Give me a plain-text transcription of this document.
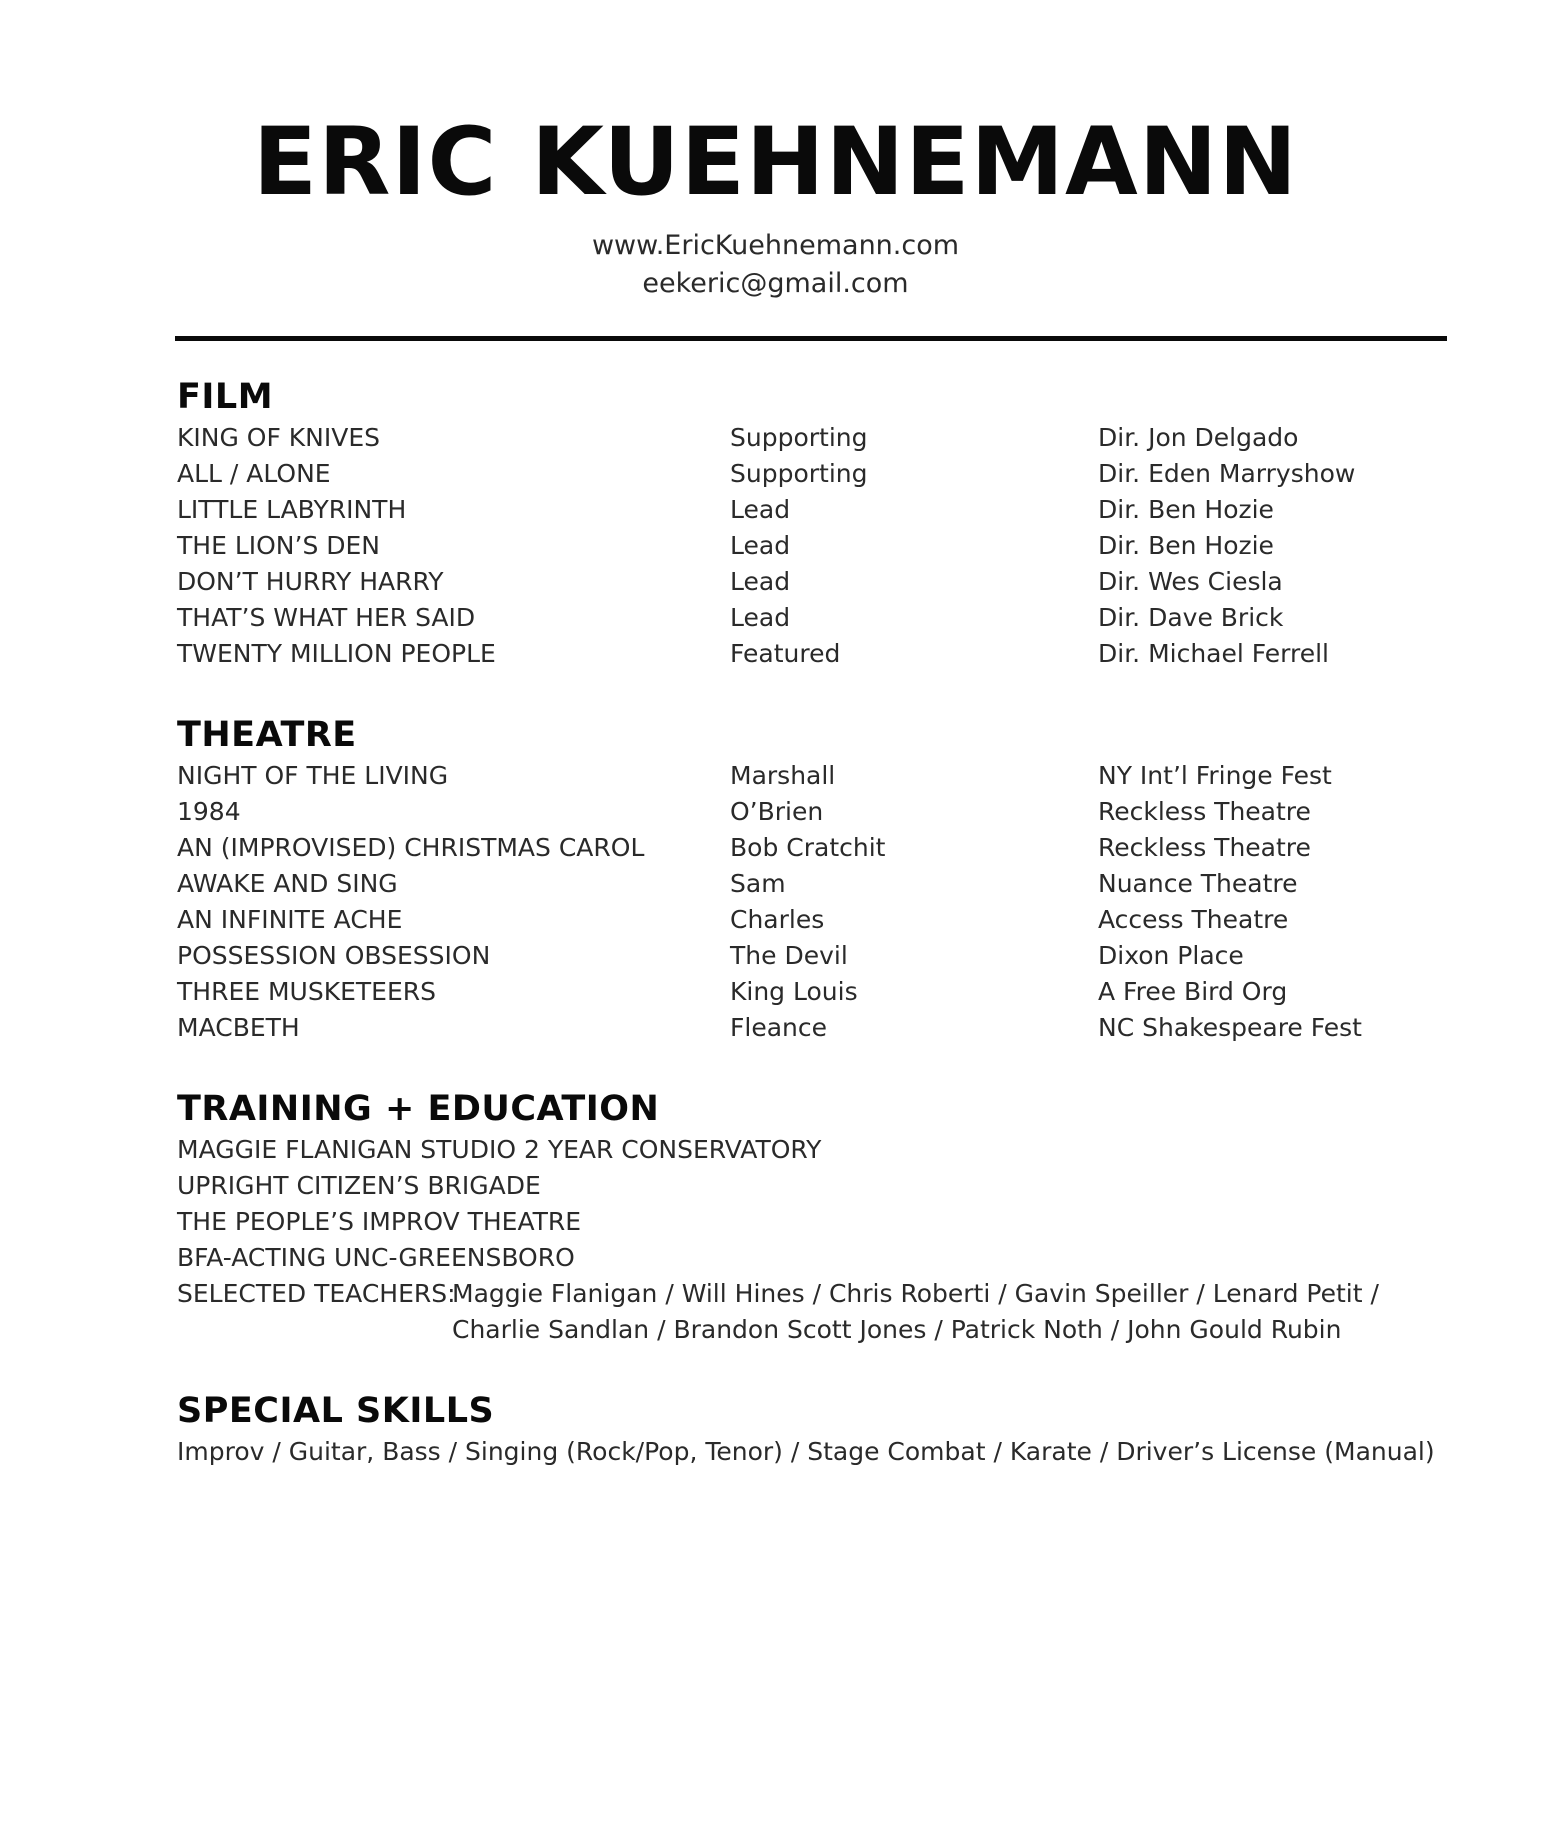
ERIC KUEHNEMANN
www.EricKuehnemann.com
eekeric@gmail.com
FILM
KING OF KNIVES	Supporting	Dir. Jon Delgado
ALL / ALONE	Supporting	Dir. Eden Marryshow
LITTLE LABYRINTH	Lead	Dir. Ben Hozie
THE LION’S DEN	Lead	Dir. Ben Hozie
DON’T HURRY HARRY	Lead	Dir. Wes Ciesla
THAT’S WHAT HER SAID	Lead	Dir. Dave Brick
TWENTY MILLION PEOPLE	Featured	Dir. Michael Ferrell
THEATRE
NIGHT OF THE LIVING	Marshall	NY Int’l Fringe Fest
1984	O’Brien	Reckless Theatre
AN (IMPROVISED) CHRISTMAS CAROL	Bob Cratchit	Reckless Theatre
AWAKE AND SING	Sam	Nuance Theatre
AN INFINITE ACHE	Charles	Access Theatre
POSSESSION OBSESSION	The Devil	Dixon Place
THREE MUSKETEERS	King Louis	A Free Bird Org
MACBETH	Fleance	NC Shakespeare Fest
TRAINING + EDUCATION
MAGGIE FLANIGAN STUDIO 2 YEAR CONSERVATORY
UPRIGHT CITIZEN’S BRIGADE
THE PEOPLE’S IMPROV THEATRE
BFA-ACTING UNC-GREENSBORO
SELECTED TEACHERS:
Maggie Flanigan / Will Hines / Chris Roberti / Gavin Speiller / Lenard Petit /
Charlie Sandlan / Brandon Scott Jones / Patrick Noth / John Gould Rubin
SPECIAL SKILLS
Improv / Guitar, Bass / Singing (Rock/Pop, Tenor) / Stage Combat / Karate / Driver’s License (Manual)
